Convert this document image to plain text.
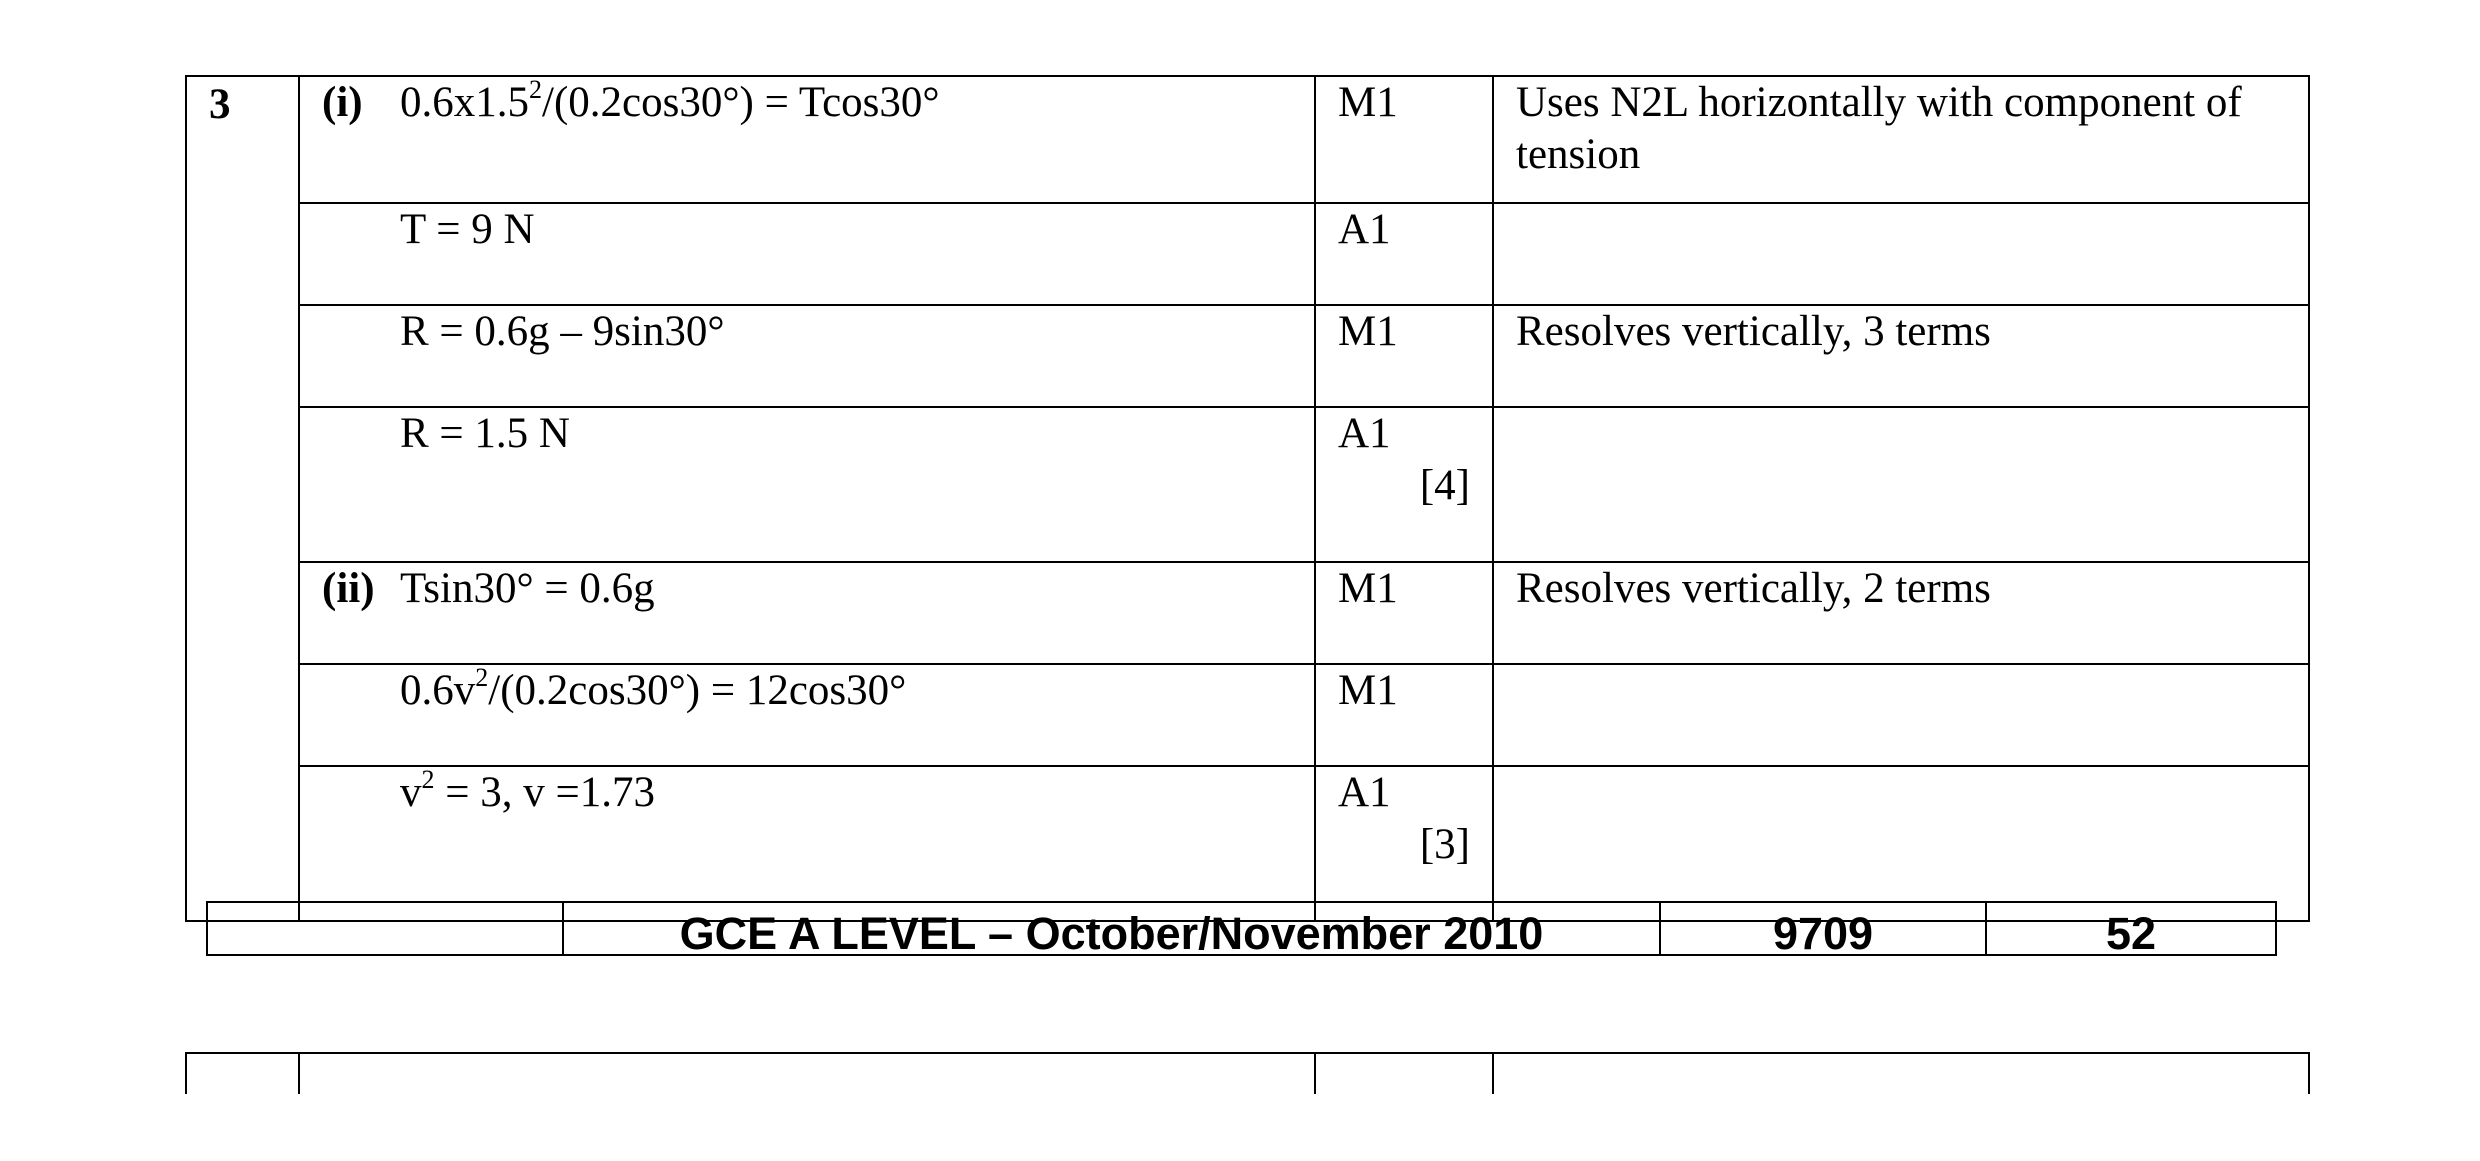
3	(i) $0.6x1.5^2/(0.2\cos 30^\circ) = Tcos30^\circ$	M1	Uses N2L horizontally with component of tension

	T = 9 N	A1	

	R = 0.6g – 9sin30°	M1	Resolves vertically, 3 terms

	R = 1.5 N	A1
[4]	

	(ii) Tsin30° = 0.6g	M1	Resolves vertically, 2 terms

	$0.6v^2/(0.2\cos 30^\circ) = 12\cos 30^\circ$	M1	

	$v^2 = 3$, v =1.73	A1
[3]	

	GCE A LEVEL – October/November 2010	9709	52
